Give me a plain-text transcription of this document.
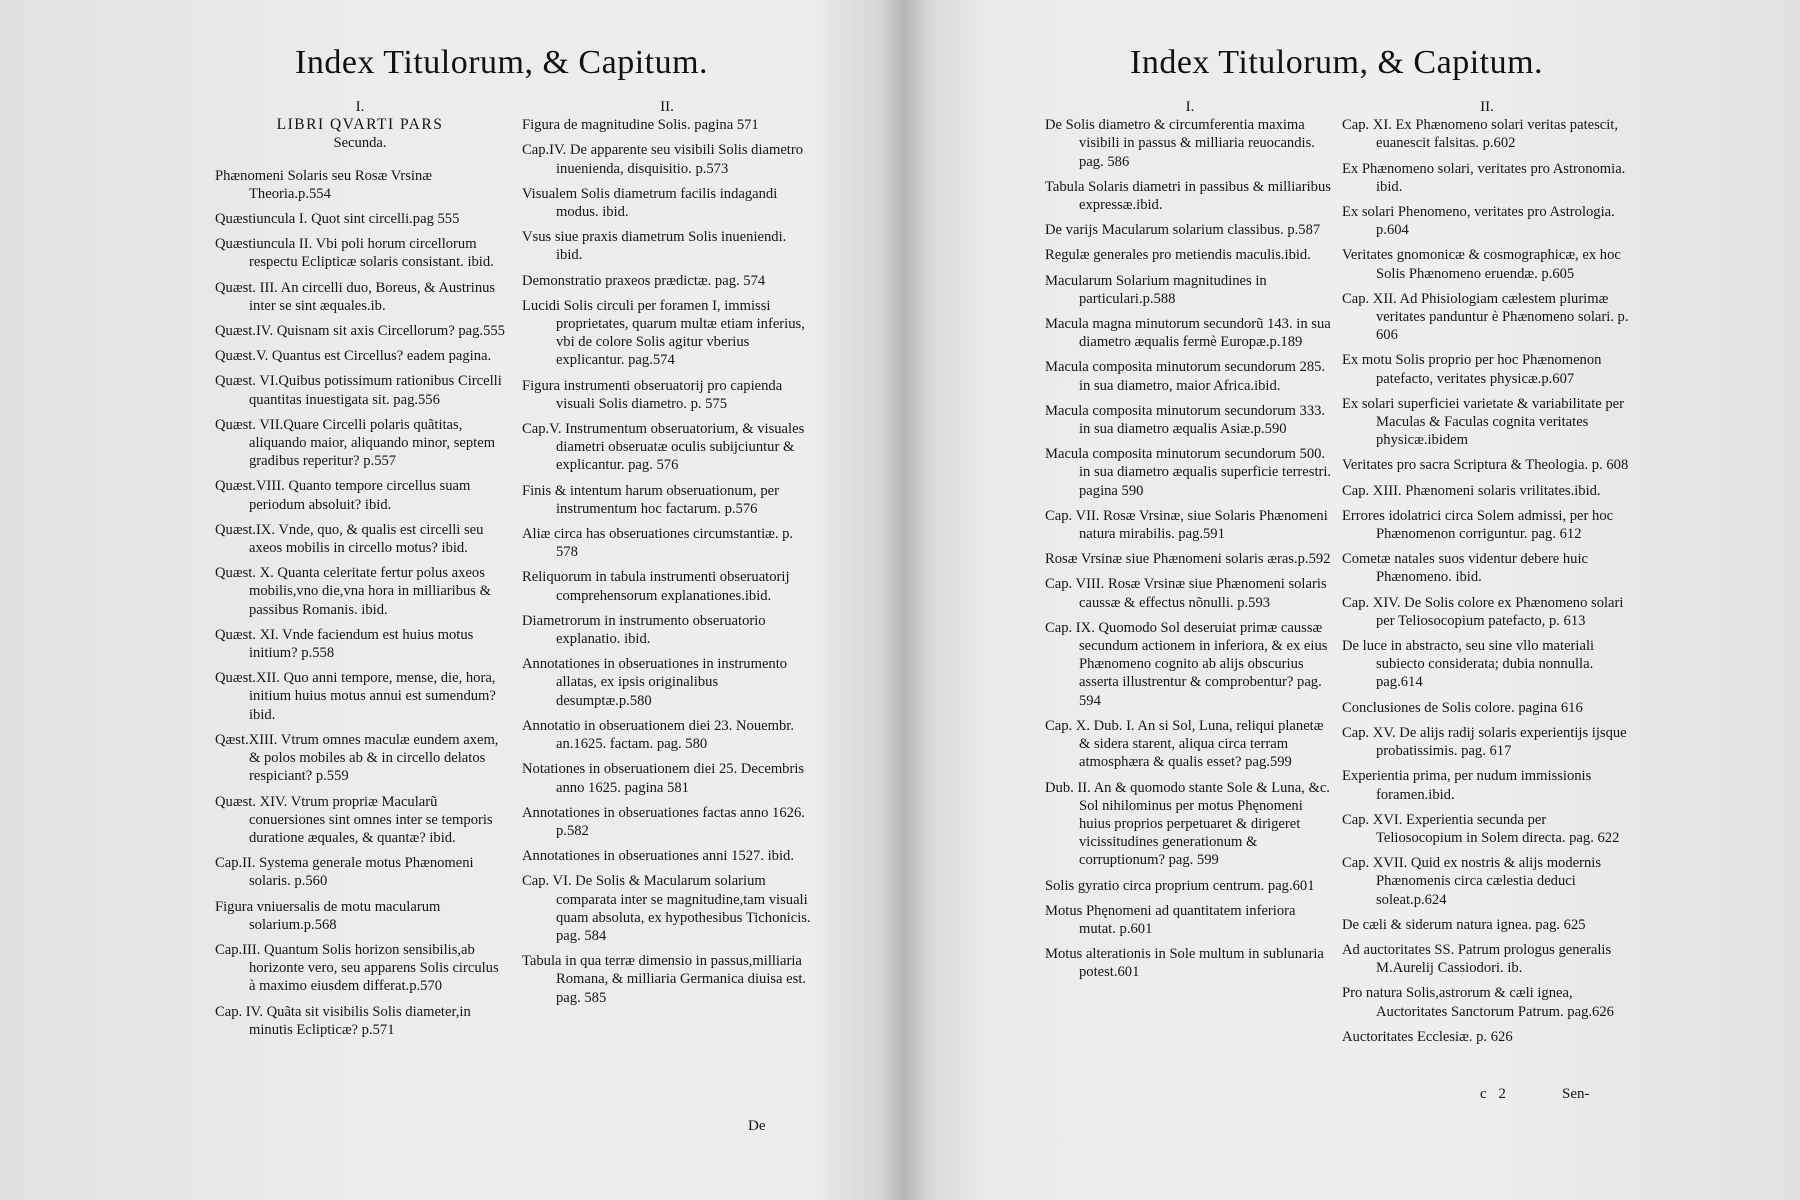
Index Titulorum, & Capitum.
I.
LIBRI QVARTI PARS
Secunda.
Phænomeni Solaris seu Rosæ Vrsinæ Theoria.p.554
Quæstiuncula I. Quot sint circelli.pag 555
Quæstiuncula II. Vbi poli horum circellorum respectu Eclipticæ solaris consistant. ibid.
Quæst. III. An circelli duo, Boreus, & Austrinus inter se sint æquales.ib.
Quæst.IV. Quisnam sit axis Circellorum? pag.555
Quæst.V. Quantus est Circellus? eadem pagina.
Quæst. VI.Quibus potissimum rationibus Circelli quantitas inuestigata sit. pag.556
Quæst. VII.Quare Circelli polaris quãtitas, aliquando maior, aliquando minor, septem gradibus reperitur? p.557
Quæst.VIII. Quanto tempore circellus suam periodum absoluit? ibid.
Quæst.IX. Vnde, quo, & qualis est circelli seu axeos mobilis in circello motus? ibid.
Quæst. X. Quanta celeritate fertur polus axeos mobilis,vno die,vna hora in milliaribus & passibus Romanis. ibid.
Quæst. XI. Vnde faciendum est huius motus initium? p.558
Quæst.XII. Quo anni tempore, mense, die, hora, initium huius motus annui est sumendum? ibid.
Qæst.XIII. Vtrum omnes maculæ eundem axem, & polos mobiles ab & in circello delatos respiciant? p.559
Quæst. XIV. Vtrum propriæ Macularũ conuersiones sint omnes inter se temporis duratione æquales, & quantæ? ibid.
Cap.II. Systema generale motus Phænomeni solaris. p.560
Figura vniuersalis de motu macularum solarium.p.568
Cap.III. Quantum Solis horizon sensibilis,ab horizonte vero, seu apparens Solis circulus à maximo eiusdem differat.p.570
Cap. IV. Quãta sit visibilis Solis diameter,in minutis Eclipticæ? p.571
II.
Figura de magnitudine Solis. pagina 571
Cap.IV. De apparente seu visibili Solis diametro inuenienda, disquisitio. p.573
Visualem Solis diametrum facilis indagandi modus. ibid.
Vsus siue praxis diametrum Solis inueniendi. ibid.
Demonstratio praxeos prædictæ. pag. 574
Lucidi Solis circuli per foramen I, immissi proprietates, quarum multæ etiam inferius, vbi de colore Solis agitur vberius explicantur. pag.574
Figura instrumenti obseruatorij pro capienda visuali Solis diametro. p. 575
Cap.V. Instrumentum obseruatorium, & visuales diametri obseruatæ oculis subijciuntur & explicantur. pag. 576
Finis & intentum harum obseruationum, per instrumentum hoc factarum. p.576
Aliæ circa has obseruationes circumstantiæ. p. 578
Reliquorum in tabula instrumenti obseruatorij comprehensorum explanationes.ibid.
Diametrorum in instrumento obseruatorio explanatio. ibid.
Annotationes in obseruationes in instrumento allatas, ex ipsis originalibus desumptæ.p.580
Annotatio in obseruationem diei 23. Nouembr. an.1625. factam. pag. 580
Notationes in obseruationem diei 25. Decembris anno 1625. pagina 581
Annotationes in obseruationes factas anno 1626. p.582
Annotationes in obseruationes anni 1527. ibid.
Cap. VI. De Solis & Macularum solarium comparata inter se magnitudine,tam visuali quam absoluta, ex hypothesibus Tichonicis. pag. 584
Tabula in qua terræ dimensio in passus,milliaria Romana, & milliaria Germanica diuisa est. pag. 585
De
Index Titulorum, & Capitum.
I.
De Solis diametro & circumferentia maxima visibili in passus & milliaria reuocandis. pag. 586
Tabula Solaris diametri in passibus & milliaribus expressæ.ibid.
De varijs Macularum solarium classibus. p.587
Regulæ generales pro metiendis maculis.ibid.
Macularum Solarium magnitudines in particulari.p.588
Macula magna minutorum secundorũ 143. in sua diametro æqualis fermè Europæ.p.189
Macula composita minutorum secundorum 285. in sua diametro, maior Africa.ibid.
Macula composita minutorum secundorum 333. in sua diametro æqualis Asiæ.p.590
Macula composita minutorum secundorum 500. in sua diametro æqualis superficie terrestri. pagina 590
Cap. VII. Rosæ Vrsinæ, siue Solaris Phænomeni natura mirabilis. pag.591
Rosæ Vrsinæ siue Phænomeni solaris æras.p.592
Cap. VIII. Rosæ Vrsinæ siue Phænomeni solaris caussæ & effectus nõnulli. p.593
Cap. IX. Quomodo Sol deseruiat primæ caussæ secundum actionem in inferiora, & ex eius Phænomeno cognito ab alijs obscurius asserta illustrentur & comprobentur? pag. 594
Cap. X. Dub. I. An si Sol, Luna, reliqui planetæ & sidera starent, aliqua circa terram atmosphæra & qualis esset? pag.599
Dub. II. An & quomodo stante Sole & Luna, &c. Sol nihilominus per motus Phęnomeni huius proprios perpetuaret & dirigeret vicissitudines generationum & corruptionum? pag. 599
Solis gyratio circa proprium centrum. pag.601
Motus Phęnomeni ad quantitatem inferiora mutat. p.601
Motus alterationis in Sole multum in sublunaria potest.601
II.
Cap. XI. Ex Phænomeno solari veritas patescit, euanescit falsitas. p.602
Ex Phænomeno solari, veritates pro Astronomia. ibid.
Ex solari Phenomeno, veritates pro Astrologia. p.604
Veritates gnomonicæ & cosmographicæ, ex hoc Solis Phænomeno eruendæ. p.605
Cap. XII. Ad Phisiologiam cælestem plurimæ veritates panduntur è Phænomeno solari. p. 606
Ex motu Solis proprio per hoc Phænomenon patefacto, veritates physicæ.p.607
Ex solari superficiei varietate & variabilitate per Maculas & Faculas cognita veritates physicæ.ibidem
Veritates pro sacra Scriptura & Theologia. p. 608
Cap. XIII. Phænomeni solaris vrilitates.ibid.
Errores idolatrici circa Solem admissi, per hoc Phænomenon corriguntur. pag. 612
Cometæ natales suos videntur debere huic Phænomeno. ibid.
Cap. XIV. De Solis colore ex Phænomeno solari per Teliosocopium patefacto, p. 613
De luce in abstracto, seu sine vllo materiali subiecto considerata; dubia nonnulla. pag.614
Conclusiones de Solis colore. pagina 616
Cap. XV. De alijs radij solaris experientijs ijsque probatissimis. pag. 617
Experientia prima, per nudum immissionis foramen.ibid.
Cap. XVI. Experientia secunda per Teliosocopium in Solem directa. pag. 622
Cap. XVII. Quid ex nostris & alijs modernis Phænomenis circa cælestia deduci soleat.p.624
De cæli & siderum natura ignea. pag. 625
Ad auctoritates SS. Patrum prologus generalis M.Aurelij Cassiodori. ib.
Pro natura Solis,astrorum & cæli ignea, Auctoritates Sanctorum Patrum. pag.626
Auctoritates Ecclesiæ. p. 626
c 2	Sen-
